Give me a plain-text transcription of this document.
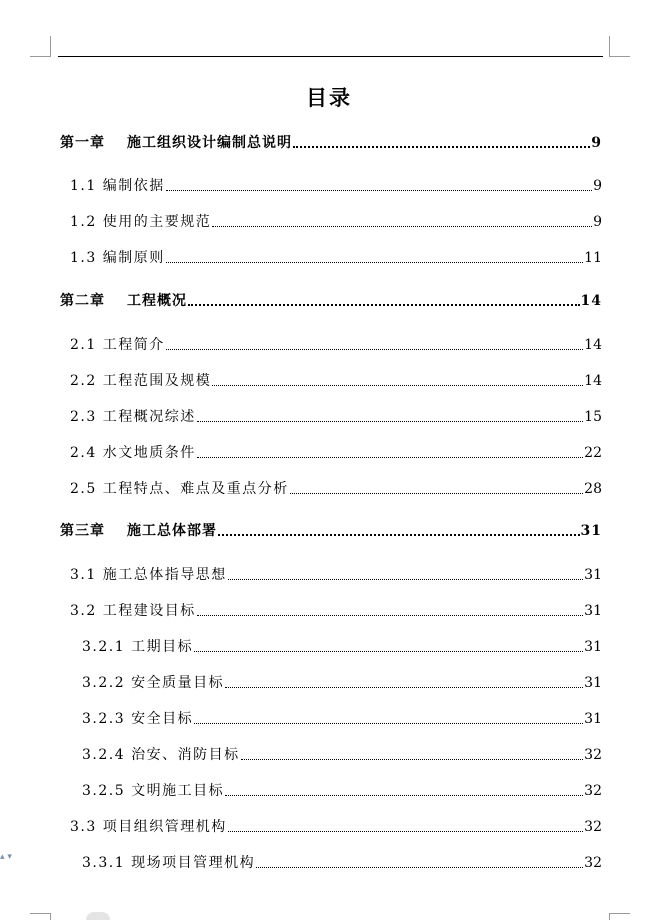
目录
第一章 施工组织设计编制总说明	9
1.1 编制依据	9
1.2 使用的主要规范	9
1.3 编制原则	11
第二章 工程概况	14
2.1 工程简介	14
2.2 工程范围及规模	14
2.3 工程概况综述	15
2.4 水文地质条件	22
2.5 工程特点、难点及重点分析	28
第三章 施工总体部署	31
3.1 施工总体指导思想	31
3.2 工程建设目标	31
3.2.1 工期目标	31
3.2.2 安全质量目标	31
3.2.3 安全目标	31
3.2.4 治安、消防目标	32
3.2.5 文明施工目标	32
3.3 项目组织管理机构	32
3.3.1 现场项目管理机构	32
▴ ▾
